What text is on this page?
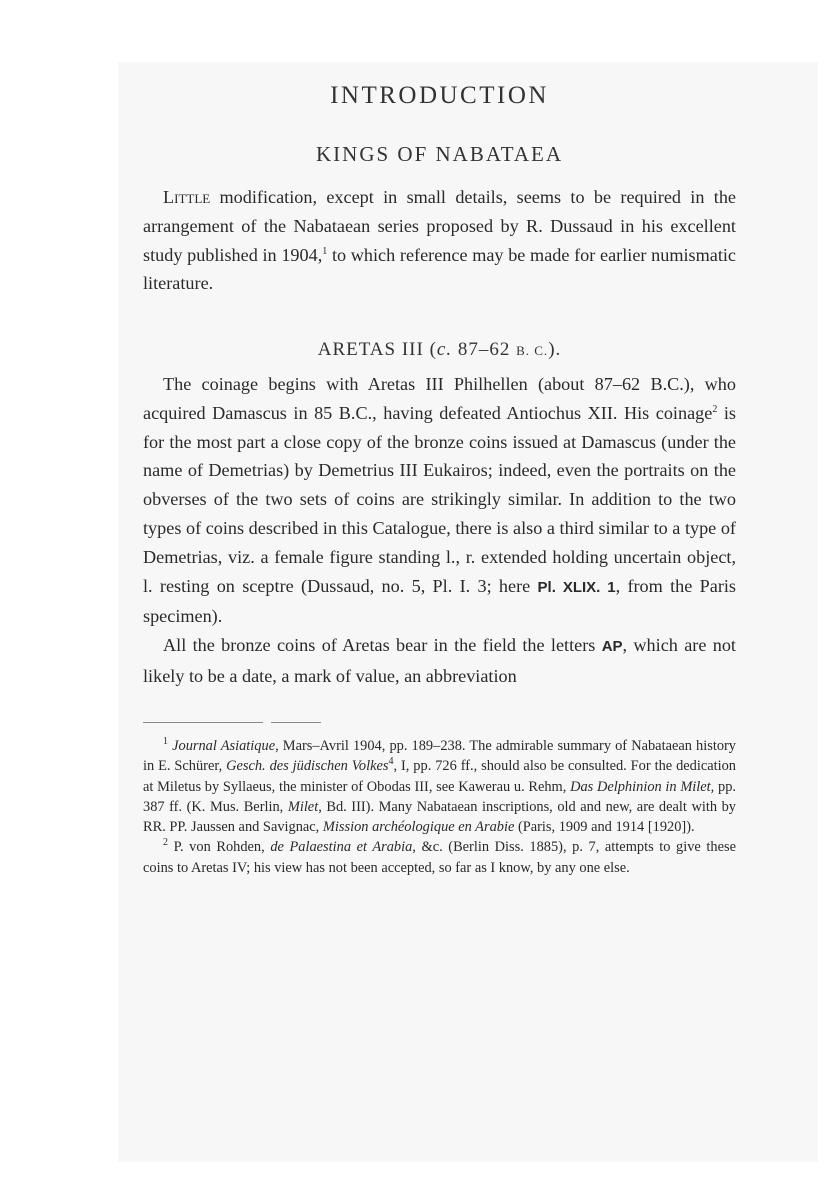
INTRODUCTION
KINGS OF NABATAEA

Little modification, except in small details, seems to be required in the arrangement of the Nabataean series proposed by R. Dussaud in his excellent study published in 1904,$^1$ to which reference may be made for earlier numismatic literature.

ARETAS III (c. 87–62 B. C.).

The coinage begins with Aretas III Philhellen (about 87–62 B.C.), who acquired Damascus in 85 B.C., having defeated Antiochus XII. His coinage$^2$ is for the most part a close copy of the bronze coins issued at Damascus (under the name of Demetrias) by Demetrius III Eukairos; indeed, even the portraits on the obverses of the two sets of coins are strikingly similar. In addition to the two types of coins described in this Catalogue, there is also a third similar to a type of Demetrias, viz. a female figure standing l., r. extended holding uncertain object, l. resting on sceptre (Dussaud, no. 5, Pl. I. 3; here Pl. XLIX. 1, from the Paris specimen).

All the bronze coins of Aretas bear in the field the letters AP, which are not likely to be a date, a mark of value, an abbreviation

$^1$ Journal Asiatique, Mars–Avril 1904, pp. 189–238. The admirable summary of Nabataean history in E. Schürer, Gesch. des jüdischen Volkes$^4$, I, pp. 726 ff., should also be consulted. For the dedication at Miletus by Syllaeus, the minister of Obodas III, see Kawerau u. Rehm, Das Delphinion in Milet, pp. 387 ff. (K. Mus. Berlin, Milet, Bd. III). Many Nabataean inscriptions, old and new, are dealt with by RR. PP. Jaussen and Savignac, Mission archéologique en Arabie (Paris, 1909 and 1914 [1920]).

$^2$ P. von Rohden, de Palaestina et Arabia, &c. (Berlin Diss. 1885), p. 7, attempts to give these coins to Aretas IV; his view has not been accepted, so far as I know, by any one else.
